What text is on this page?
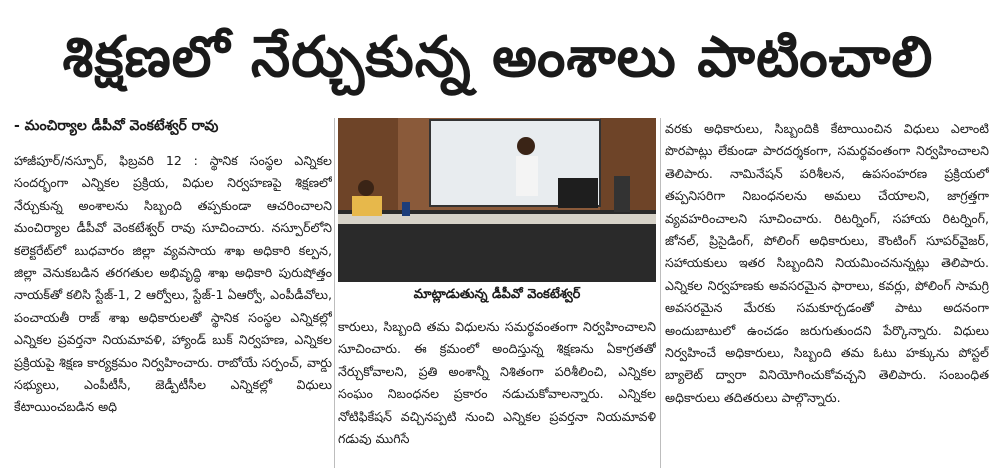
శిక్షణలో నేర్చుకున్న అంశాలు పాటించాలి
- మంచిర్యాల డీపీవో వెంకటేశ్వర్ రావు
హాజీపూర్/నస్పూర్, ఫిబ్రవరి 12 : స్థానిక సంస్థల ఎన్నికల సందర్భంగా ఎన్నికల ప్రక్రియ, విధుల నిర్వహణపై శిక్షణలో నేర్చుకున్న అంశాలను సిబ్బంది తప్పకుండా ఆచరించాలని మంచిర్యాల డీపీవో వెంకటేశ్వర్ రావు సూచించారు. నస్పూర్‌లోని కలెక్టరేట్‌లో బుధవారం జిల్లా వ్యవసాయ శాఖ అధికారి కల్పన, జిల్లా వెనుకబడిన తరగతుల అభివృద్ధి శాఖ అధికారి పురుషోత్తం నాయక్‌తో కలిసి స్టేజ్-1, 2 ఆర్వోలు, స్టేజ్-1 ఏఆర్వో, ఎంపీడీవోలు, పంచాయతీ రాజ్ శాఖ అధికారులతో స్థానిక సంస్థల ఎన్నికల్లో ఎన్నికల ప్రవర్తనా నియమావళి, హ్యాండ్ బుక్ నిర్వహణ, ఎన్నికల ప్రక్రియపై శిక్షణ కార్యక్రమం నిర్వహించారు. రాబోయే సర్పంచ్, వార్డు సభ్యులు, ఎంపీటీసీ, జెడ్పీటీసీల ఎన్నికల్లో విధులు కేటాయించబడిన అధి
మాట్లాడుతున్న డీపీవో వెంకటేశ్వర్
కారులు, సిబ్బంది తమ విధులను సమర్థవంతంగా నిర్వహించాలని సూచించారు. ఈ క్రమంలో అందిస్తున్న శిక్షణను ఏకాగ్రతతో నేర్చుకోవాలని, ప్రతి అంశాన్నీ నిశితంగా పరిశీలించి, ఎన్నికల సంఘం నిబంధనల ప్రకారం నడుచుకోవాలన్నారు. ఎన్నికల నోటిఫికేషన్ వచ్చినప్పటి నుంచి ఎన్నికల ప్రవర్తనా నియమావళి గడువు ముగిసే
వరకు అధికారులు, సిబ్బందికి కేటాయించిన విధులు ఎలాంటి పొరపాట్లు లేకుండా పారదర్శకంగా, సమర్థవంతంగా నిర్వహించాలని తెలిపారు. నామినేషన్ పరిశీలన, ఉపసంహరణ ప్రక్రియలో తప్పనిసరిగా నిబంధనలను అమలు చేయాలని, జాగ్రత్తగా వ్యవహరించాలని సూచించారు. రిటర్నింగ్, సహాయ రిటర్నింగ్, జోనల్, ప్రిసైడింగ్, పోలింగ్ అధికారులు, కౌంటింగ్ సూపర్‌వైజర్, సహాయకులు ఇతర సిబ్బందిని నియమించనున్నట్లు తెలిపారు. ఎన్నికల నిర్వహణకు అవసరమైన ఫారాలు, కవర్లు, పోలింగ్ సామగ్రి అవసరమైన మేరకు సమకూర్చడంతో పాటు అదనంగా అందుబాటులో ఉంచడం జరుగుతుందని పేర్కొన్నారు. విధులు నిర్వహించే అధికారులు, సిబ్బంది తమ ఓటు హక్కును పోస్టల్ బ్యాలెట్ ద్వారా వినియోగించుకోవచ్చని తెలిపారు. సంబంధిత అధికారులు తదితరులు పాల్గొన్నారు.
